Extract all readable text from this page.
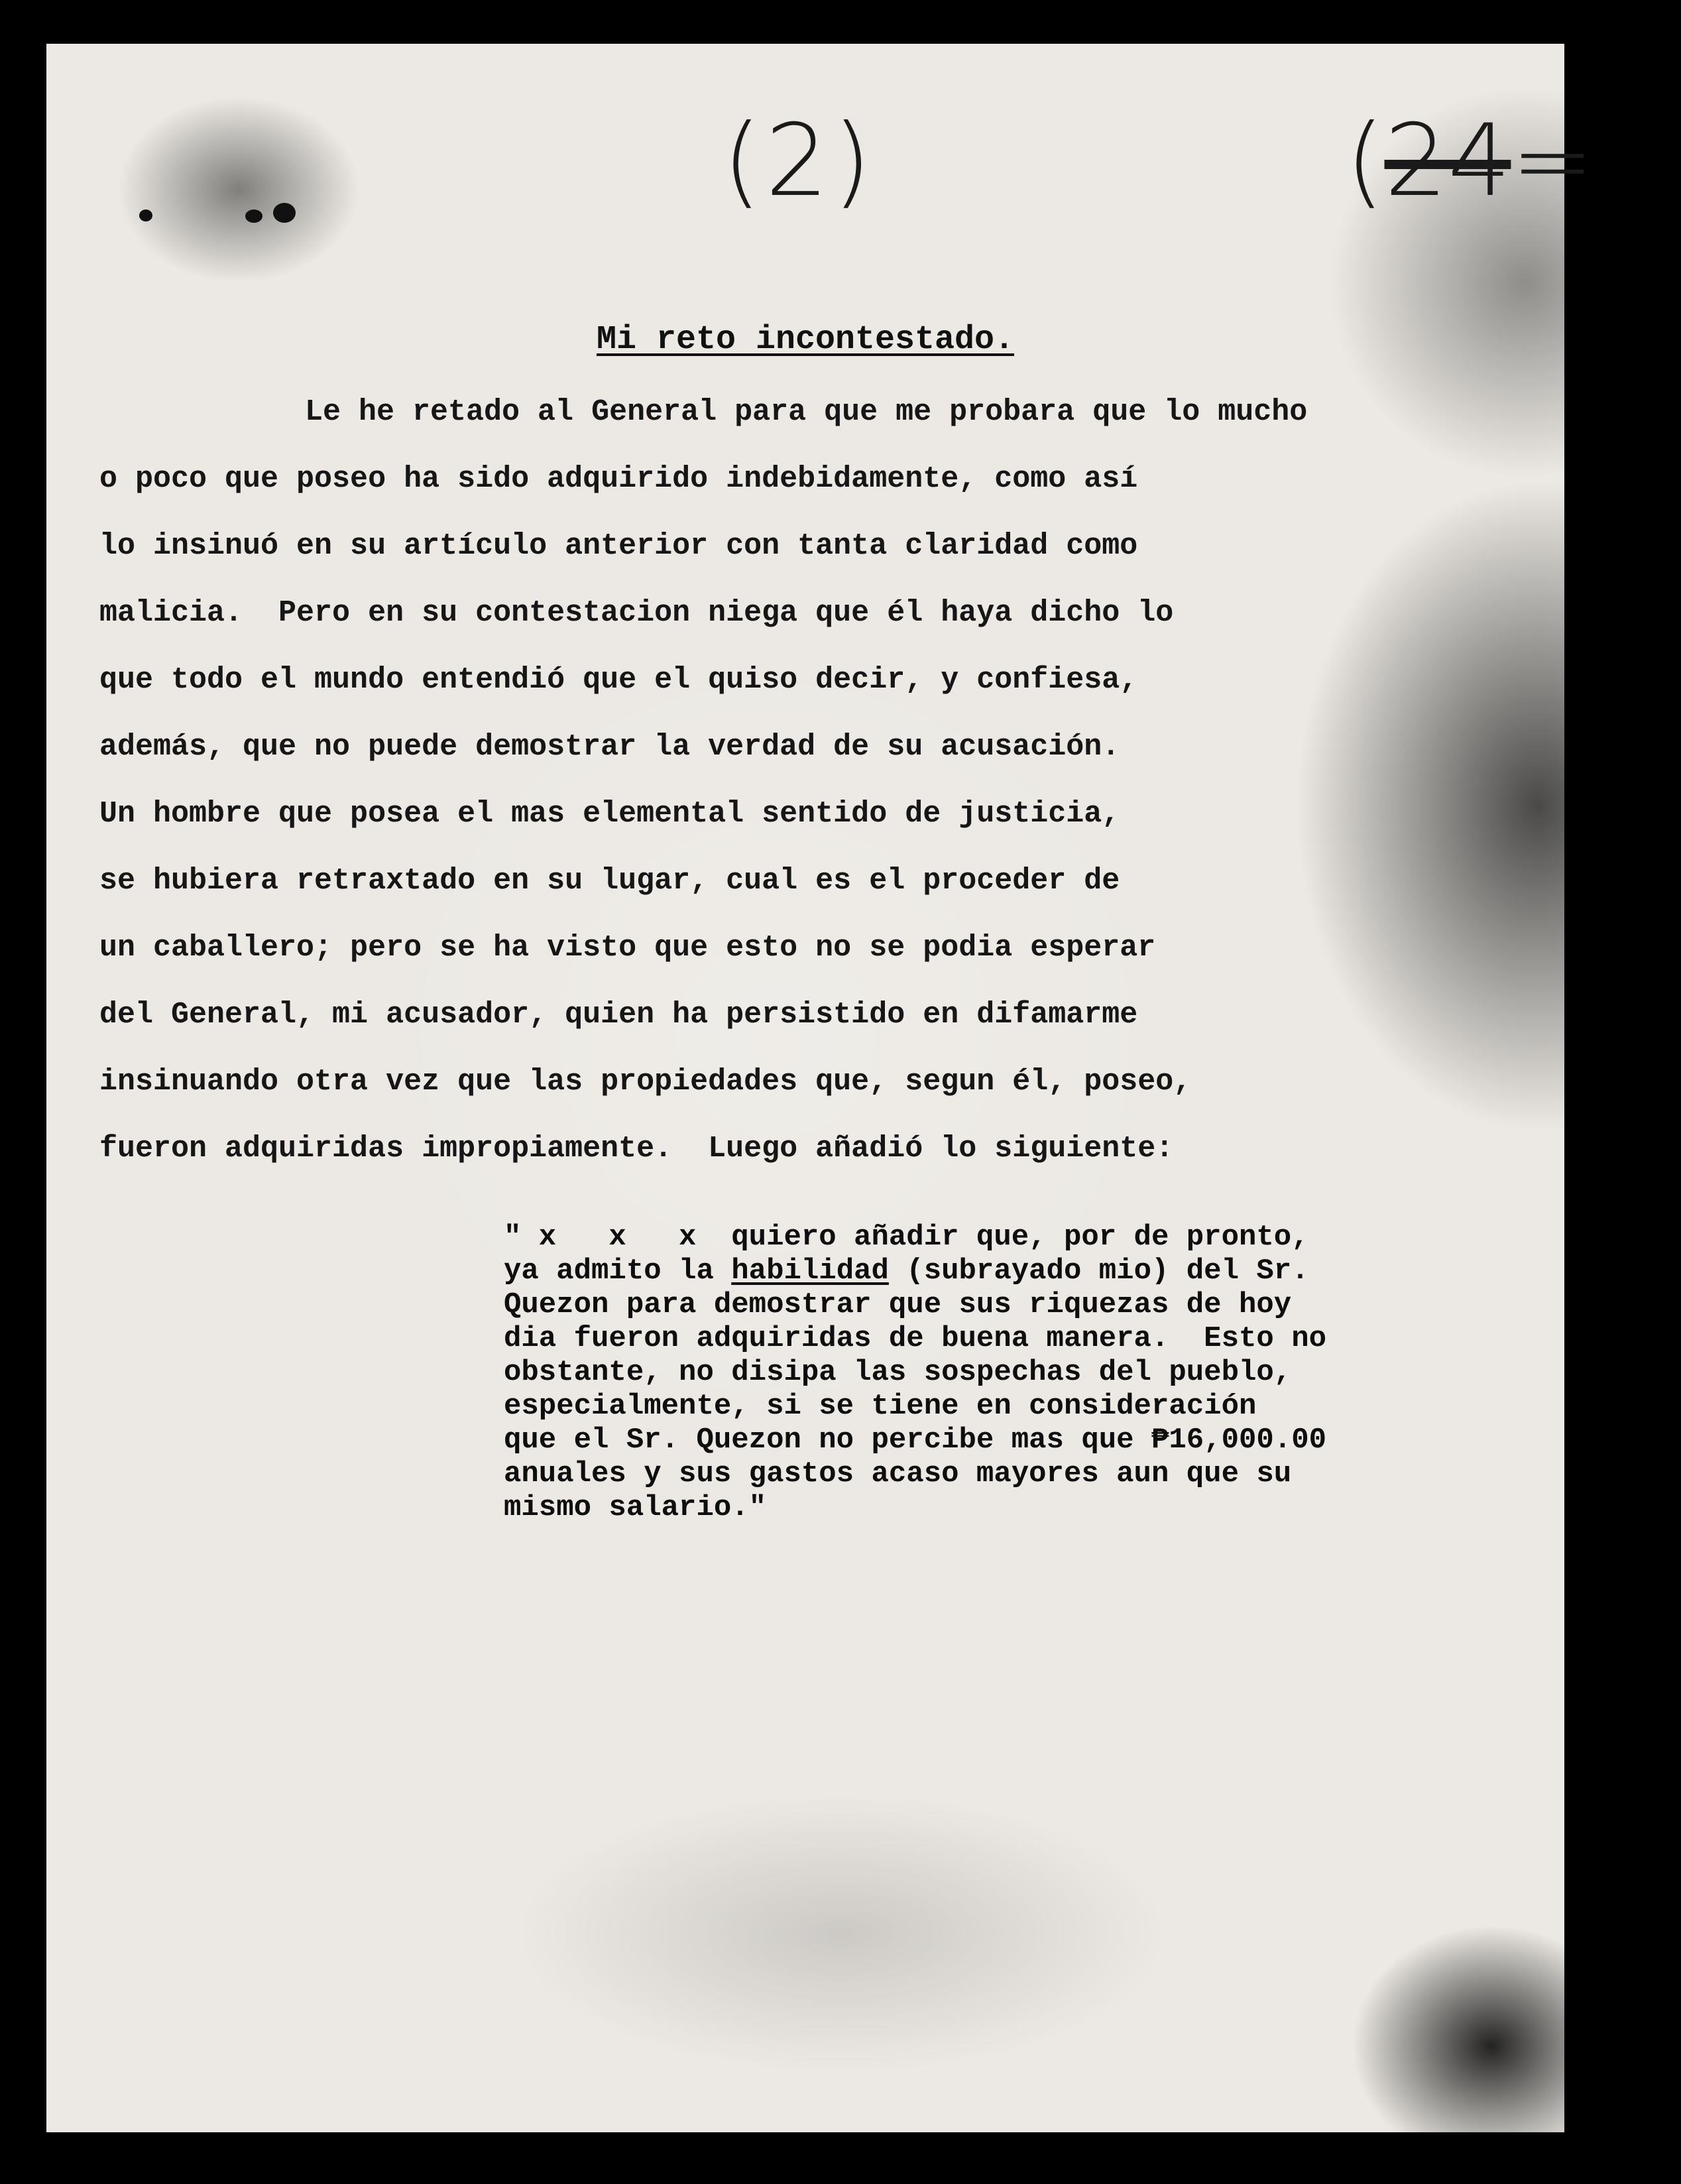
(2)	(24=
Mi reto incontestado.
Le he retado al General para que me probara que lo mucho
o poco que poseo ha sido adquirido indebidamente, como así
lo insinuó en su artículo anterior con tanta claridad como
malicia.  Pero en su contestacion niega que él haya dicho lo
que todo el mundo entendió que el quiso decir, y confiesa,
además, que no puede demostrar la verdad de su acusación.
Un hombre que posea el mas elemental sentido de justicia,
se hubiera retraxtado en su lugar, cual es el proceder de
un caballero; pero se ha visto que esto no se podia esperar
del General, mi acusador, quien ha persistido en difamarme
insinuando otra vez que las propiedades que, segun él, poseo,
fueron adquiridas impropiamente.  Luego añadió lo siguiente:
" x   x   x  quiero añadir que, por de pronto,
ya admito la habilidad (subrayado mio) del Sr.
Quezon para demostrar que sus riquezas de hoy
dia fueron adquiridas de buena manera.  Esto no
obstante, no disipa las sospechas del pueblo,
especialmente, si se tiene en consideración
que el Sr. Quezon no percibe mas que ₱16,000.00
anuales y sus gastos acaso mayores aun que su
mismo salario."
